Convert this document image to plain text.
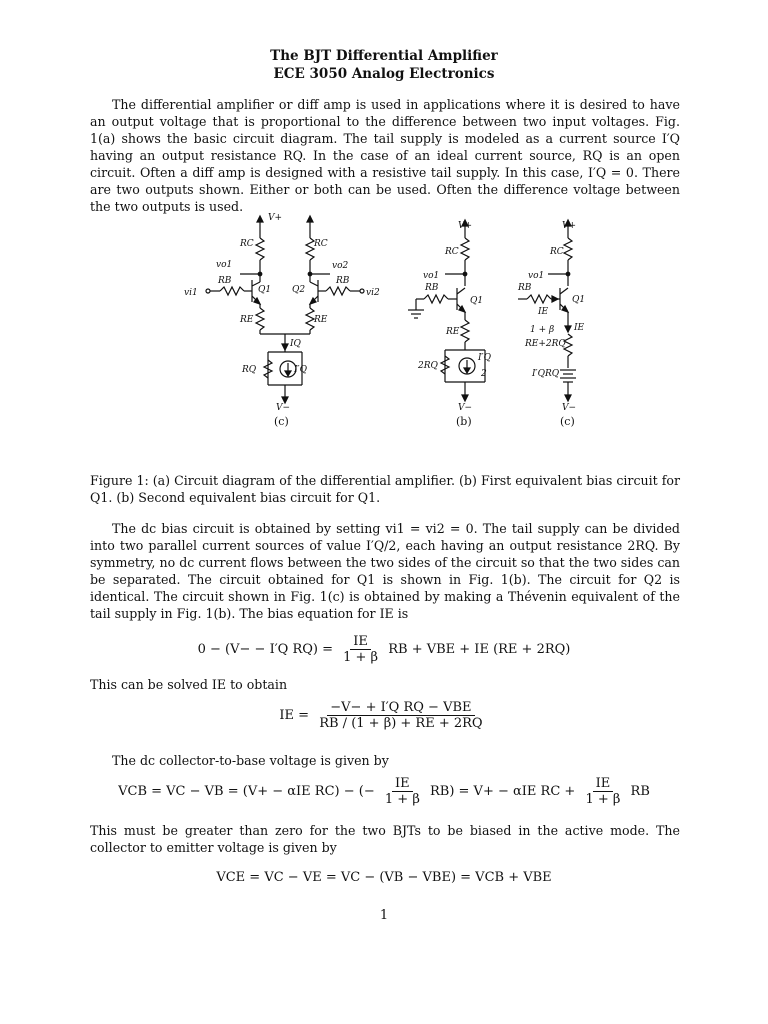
The BJT Differential Amplifier
ECE 3050 Analog Electronics
The differential amplifier or diff amp is used in applications where it is desired to have an output voltage that is proportional to the difference between two input voltages. Fig. 1(a) shows the basic circuit diagram. The tail supply is modeled as a current source I′Q having an output resistance RQ. In the case of an ideal current source, RQ is an open circuit. Often a diff amp is designed with a resistive tail supply. In this case, I′Q = 0. There are two outputs shown. Either or both can be used. Often the difference voltage between the two outputs is used.
V+
RC	RC
vo1	vo2
RB	RB
vi1	vi2
Q1 Q2
RE	RE
IQ
RQ	I′Q
V−
(c)
V+
RC
vo1
RB
Q1
RE
2RQ
I′Q
2
V−
(b)
V+
RC
vo1
RB
Q1
IE
1 + β IE
RE+2RQ
I′QRQ
V−
(c)
Figure 1: (a) Circuit diagram of the differential amplifier. (b) First equivalent bias circuit for Q1. (b) Second equivalent bias circuit for Q1.
The dc bias circuit is obtained by setting vi1 = vi2 = 0. The tail supply can be divided into two parallel current sources of value I′Q/2, each having an output resistance 2RQ. By symmetry, no dc current flows between the two sides of the circuit so that the two sides can be separated. The circuit obtained for Q1 is shown in Fig. 1(b). The circuit for Q2 is identical. The circuit shown in Fig. 1(c) is obtained by making a Thévenin equivalent of the tail supply in Fig. 1(b). The bias equation for IE is
0 − (V− − I′Q $RQ) = \frac{IE}{1 + \beta}$ RB + VBE + IE (RE + 2RQ)
This can be solved IE to obtain
IE = $\frac{\text{−V− + I′Q RQ − VBE}}{RB / (1 + \beta) + RE + 2RQ}$
The dc collector-to-base voltage is given by
VCB = VC − VB = (V+ − αIE RC) − (− $\frac{IE}{1 + \beta} RB) = V+ - \alpha IE$ RC + $\frac{IE}{1 + \beta}$ RB
This must be greater than zero for the two BJTs to be biased in the active mode. The collector to emitter voltage is given by
VCE = VC − VE = VC − (VB − VBE) = VCB + VBE
1
